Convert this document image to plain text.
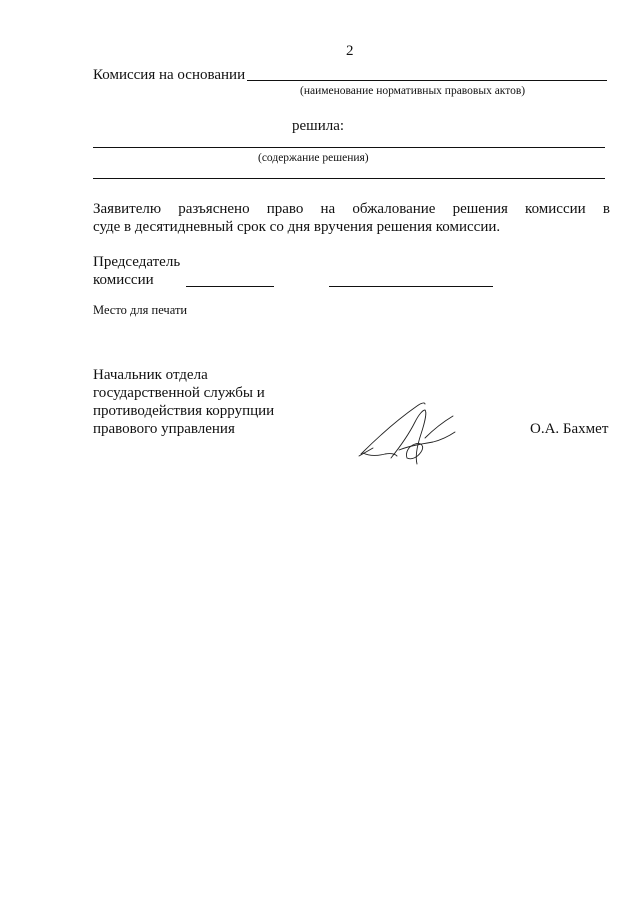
2
Комиссия на основании
(наименование нормативных правовых актов)
решила:
(содержание решения)
Заявителю разъяснено право на обжалование решения комиссии в
суде в десятидневный срок со дня вручения решения комиссии.
Председатель
комиссии
Место для печати
Начальник отдела
государственной службы и
противодействия коррупции
правового управления	О.А. Бахмет
